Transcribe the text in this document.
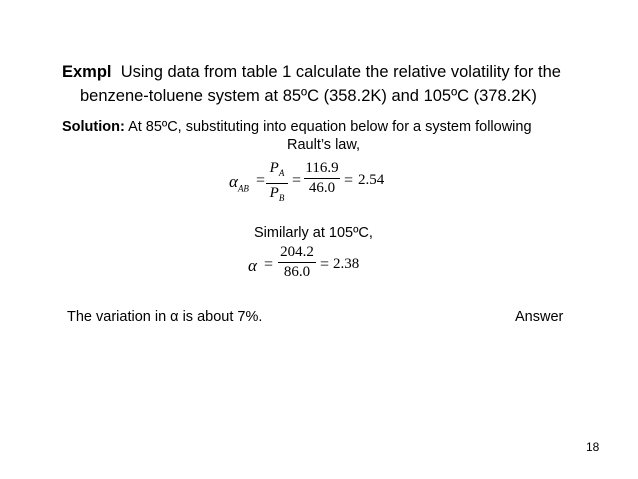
Exmpl Using data from table 1 calculate the relative volatility for the
benzene-toluene system at 85ºC (358.2K) and 105ºC (378.2K)
Solution: At 85ºC, substituting into equation below for a system following
Rault’s law,
$\alpha_{AB}$ =
$P_A$
$P_B$
=
116.9
46.0 = 2.54
Similarly at 105ºC,
α =
204.2
86.0 = 2.38
The variation in α is about 7%.	Answer
18
